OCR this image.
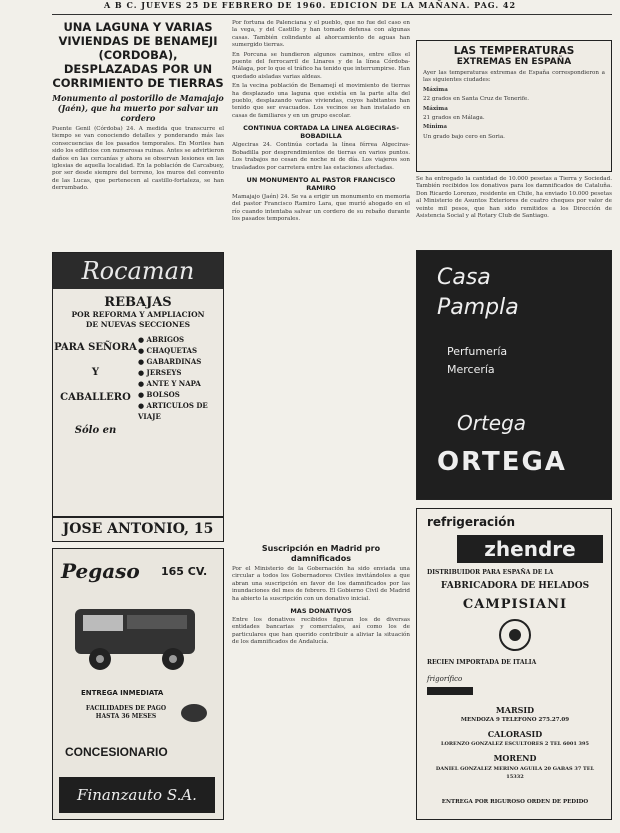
A B C. JUEVES 25 DE FEBRERO DE 1960. EDICION DE LA MAÑANA. PAG. 42

UNA LAGUNA Y VARIAS VIVIENDAS DE BENAMEJI (CORDOBA), DESPLAZADAS POR UN CORRIMIENTO DE TIERRAS

Monumento al postorillo de Mamajajo (Jaén), que ha muerto por salvar un cordero

Puente Genil (Córdoba) 24. A medida que transcurre el tiempo se van conociendo detalles y ponderando más las consecuencias de los pasados temporales. En Moriles han sido los edificios con numerosas ruinas. Antes se advirtieron daños en las cercanías y ahora se observan lesiones en las iglesias de aquella localidad. En la población de Carcabuey, por ser desde siempre del terreno, los muros del convento de las Lucas, que pertenecen al castillo-fortaleza, se han derrumbado.

Rocaman
REBAJAS
POR REFORMA Y AMPLIACION
DE NUEVAS SECCIONES
PARA SEÑORA
Y
CABALLERO
Sólo en
● ABRIGOS
● CHAQUETAS
● GABARDINAS
● JERSEYS
● ANTE Y NAPA
● BOLSOS
● ARTICULOS DE VIAJE
JOSE ANTONIO, 15
Pegaso 165 CV.
ENTREGA INMEDIATA
FACILIDADES DE PAGO HASTA 36 MESES
CONCESIONARIO
Finanzauto S.A.

Por fortuna de Palenciana y el pueblo, que no fue del caso en la vega, y del Castillo y han tomado defensa con algunas casas. También colindante al ahorcamiento de aguas han sumergido tierras.

En Porcuna se hundieron algunos caminos, entre ellos el puente del ferrocarril de Linares y de la línea Córdoba-Málaga, por lo que el tráfico ha tenido que interrumpirse. Han quedado aisladas varias aldeas.

En la vecina población de Benamejí el movimiento de tierras ha desplazado una laguna que existía en la parte alta del pueblo, desplazando varias viviendas, cuyos habitantes han tenido que ser evacuados. Los vecinos se han instalado en casas de familiares y en un grupo escolar.

CONTINUA CORTADA LA LINEA ALGECIRAS-BOBADILLA

Algeciras 24. Continúa cortada la línea férrea Algeciras-Bobadilla por desprendimientos de tierras en varios puntos. Los trabajos no cesan de noche ni de día. Los viajeros son trasladados por carretera entre las estaciones afectadas.

UN MONUMENTO AL PASTOR FRANCISCO RAMIRO

Mamajajo (Jaén) 24. Se va a erigir un monumento en memoria del pastor Francisco Ramiro Lara, que murió ahogado en el río cuando intentaba salvar un cordero de su rebaño durante los pasados temporales.

Suscripción en Madrid pro damnificados

Por el Ministerio de la Gobernación ha sido enviada una circular a todos los Gobernadores Civiles invitándoles a que abran una suscripción en favor de los damnificados por las inundaciones del mes de febrero. El Gobierno Civil de Madrid ha abierto la suscripción con un donativo inicial.

MAS DONATIVOS

Entre los donativos recibidos figuran los de diversas entidades bancarias y comerciales, así como los de particulares que han querido contribuir a aliviar la situación de los damnificados de Andalucía.

LAS TEMPERATURAS
EXTREMAS EN ESPAÑA

Ayer las temperaturas extremas de España correspondieron a las siguientes ciudades:

Máxima
22 grados en Santa Cruz de Tenerife.
Máxima
21 grados en Málaga.
Mínima
Un grado bajo cero en Soria.

Se ha entregado la cantidad de 10.000 pesetas a Tierra y Sociedad. También recibidos los donativos para los damnificados de Cataluña. Don Ricardo Lorenzo, residente en Chile, ha enviado 10.000 pesetas al Ministerio de Asuntos Exteriores de cuatro cheques por valor de veinte mil pesos, que han sido remitidos a los Dirección de Asistencia Social y al Rotary Club de Santiago.

Casa
Pampla
Perfumería
Mercería
Ortega
ORTEGA
refrigeración
zhendre
DISTRIBUIDOR PARA ESPAÑA DE LA
FABRICADORA DE HELADOS
CAMPISIANI
RECIEN IMPORTADA DE ITALIA
frigorífico
MARSID
MENDOZA 9 TELEFONO 275.27.09
CALORASID
LORENZO GONZALEZ ESCULTORES 2 TEL 6001 395
MOREND
DANIEL GONZALEZ MERINO AGUILA 20 GABAS 37 TEL 15332
ENTREGA POR RIGUROSO ORDEN DE PEDIDO
